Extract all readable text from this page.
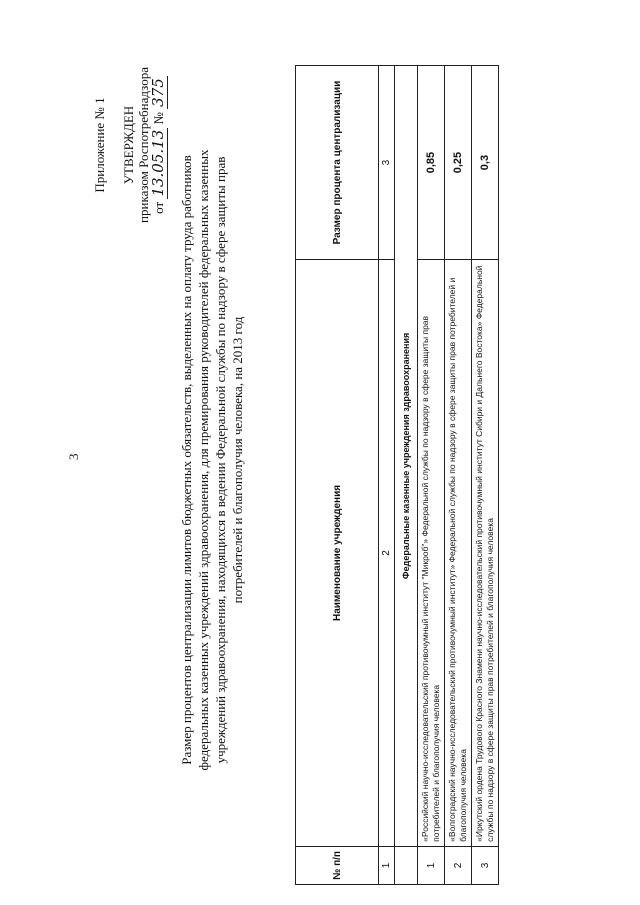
3
Приложение № 1 УТВЕРЖДЕН приказом Роспотребнадзора от 13.05.13 № 375
Размер процентов централизации лимитов бюджетных обязательств, выделенных на оплату труда работников федеральных казенных учреждений здравоохранения, для премирования руководителей федеральных казенных учреждений здравоохранения, находящихся в ведении Федеральной службы по надзору в сфере защиты прав потребителей и благополучия человека, на 2013 год
№ п/п	Наименование учреждения	Размер процента централизации
1	2	3
	Федеральные казенные учреждения здравоохранения	
1	«Российский научно-исследовательский противочумный институт "Микроб"» Федеральной службы по надзору в сфере защиты прав потребителей и благополучия человека	0,85
2	«Волгоградский научно-исследовательский противочумный институт» Федеральной службы по надзору в сфере защиты прав потребителей и благополучия человека	0,25
3	«Иркутский ордена Трудового Красного Знамени научно-исследовательский противочумный институт Сибири и Дальнего Востока» Федеральной службы по надзору в сфере защиты прав потребителей и благополучия человека	0,3
